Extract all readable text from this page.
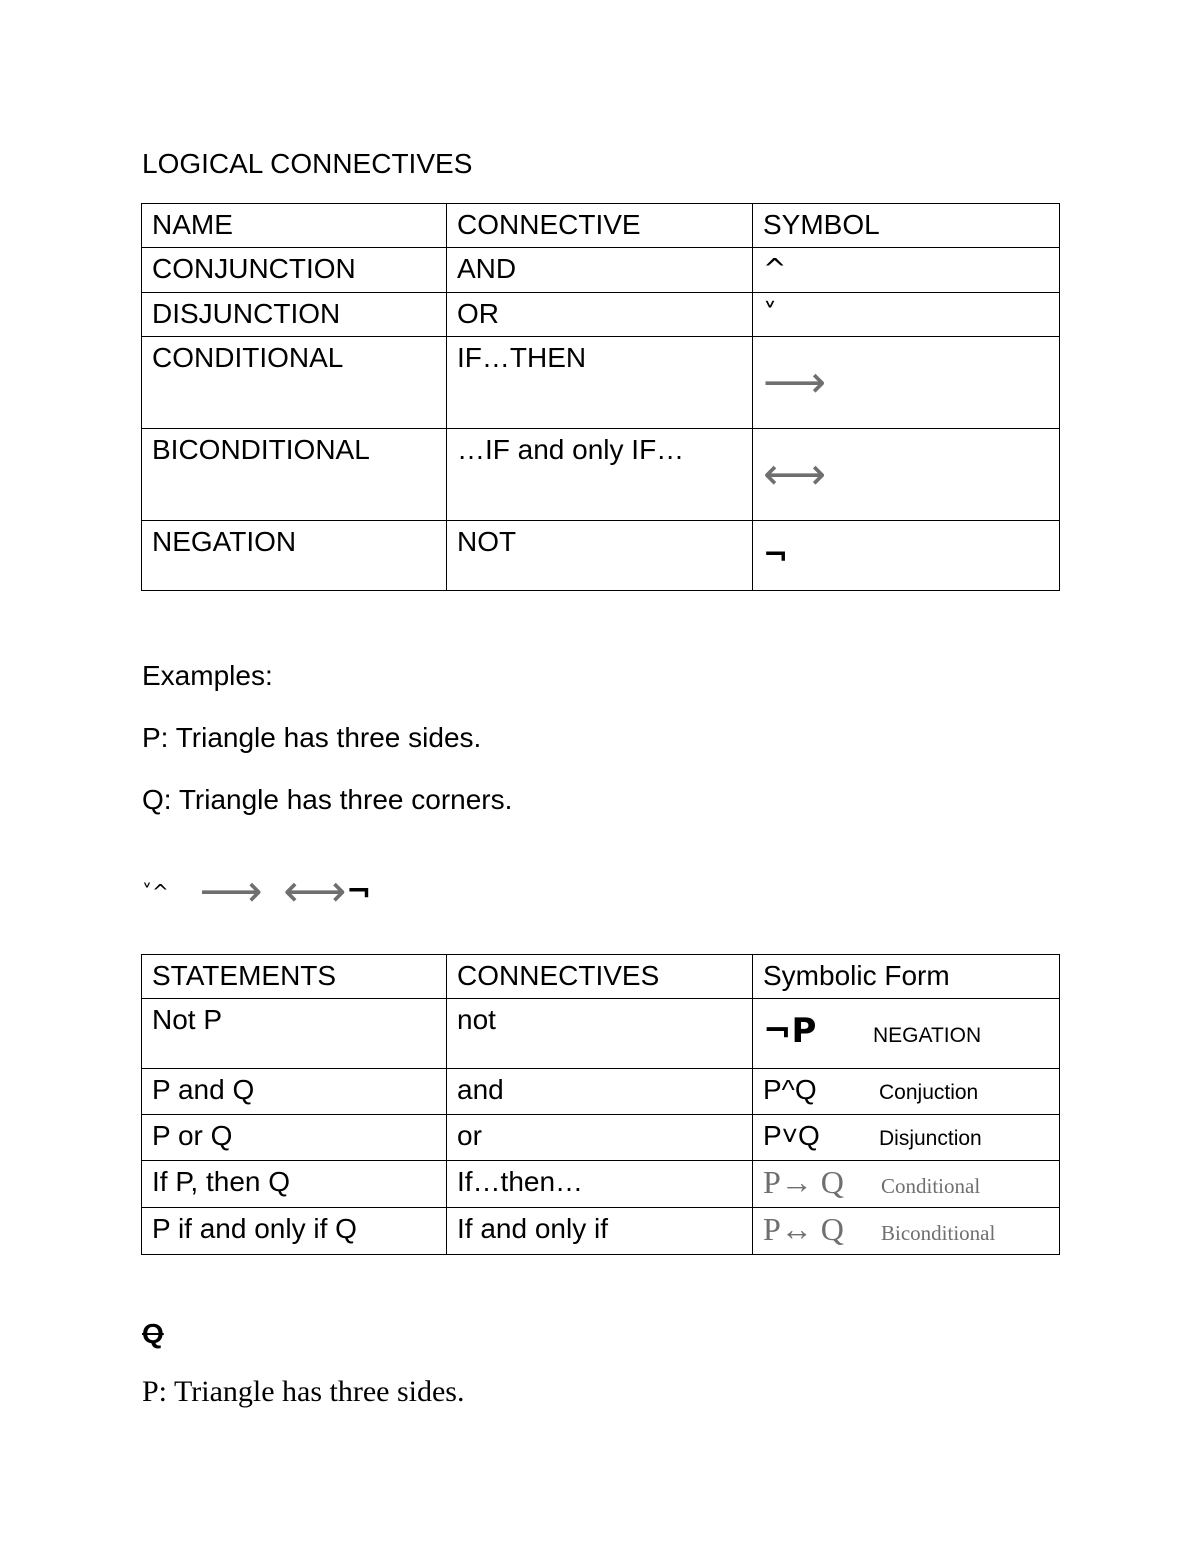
LOGICAL CONNECTIVES
NAME	CONNECTIVE	SYMBOL
CONJUNCTION	AND	^
DISJUNCTION	OR	˅
CONDITIONAL	IF…THEN	⟶
BICONDITIONAL	…IF and only IF…	⟷
NEGATION	NOT	¬
Examples:
P: Triangle has three sides.
Q: Triangle has three corners.
˅^ ⟶ ⟷¬
STATEMENTS	CONNECTIVES	Symbolic Form
Not P	not	¬P NEGATION
P and Q	and	P^Q Conjuction
P or Q	or	P˅Q Disjunction
If P, then Q	If…then…	P→ Q Conditional
P if and only if Q	If and only if	P↔ Q Biconditional
Q
P: Triangle has three sides.
